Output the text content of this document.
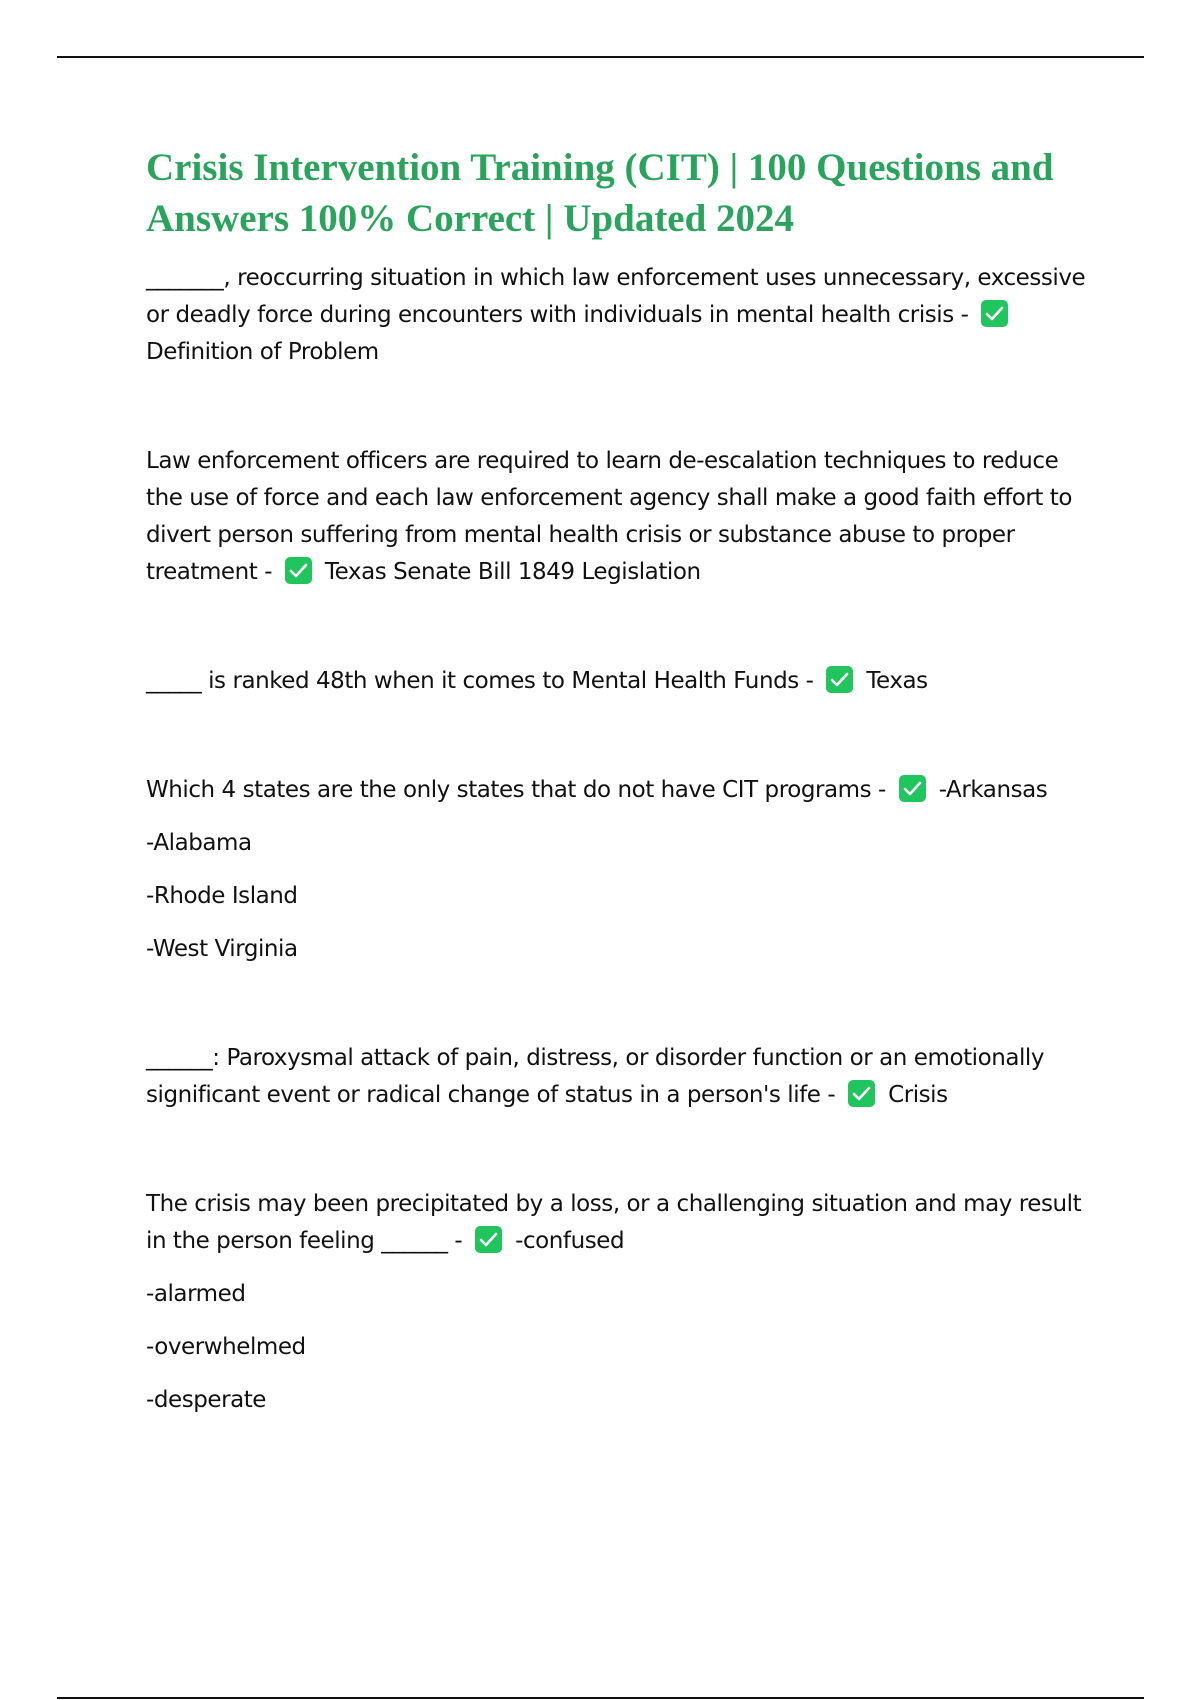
Crisis Intervention Training (CIT) | 100 Questions and Answers 100% Correct | Updated 2024

_______, reoccurring situation in which law enforcement uses unnecessary, excessive or deadly force during encounters with individuals in mental health crisis -
Definition of Problem

Law enforcement officers are required to learn de-escalation techniques to reduce the use of force and each law enforcement agency shall make a good faith effort to divert person suffering from mental health crisis or substance abuse to proper treatment - Texas Senate Bill 1849 Legislation

_____ is ranked 48th when it comes to Mental Health Funds - Texas

Which 4 states are the only states that do not have CIT programs - -Arkansas

-Alabama

-Rhode Island

-West Virginia

______: Paroxysmal attack of pain, distress, or disorder function or an emotionally significant event or radical change of status in a person's life - Crisis

The crisis may been precipitated by a loss, or a challenging situation and may result in the person feeling ______ - -confused

-alarmed

-overwhelmed

-desperate
